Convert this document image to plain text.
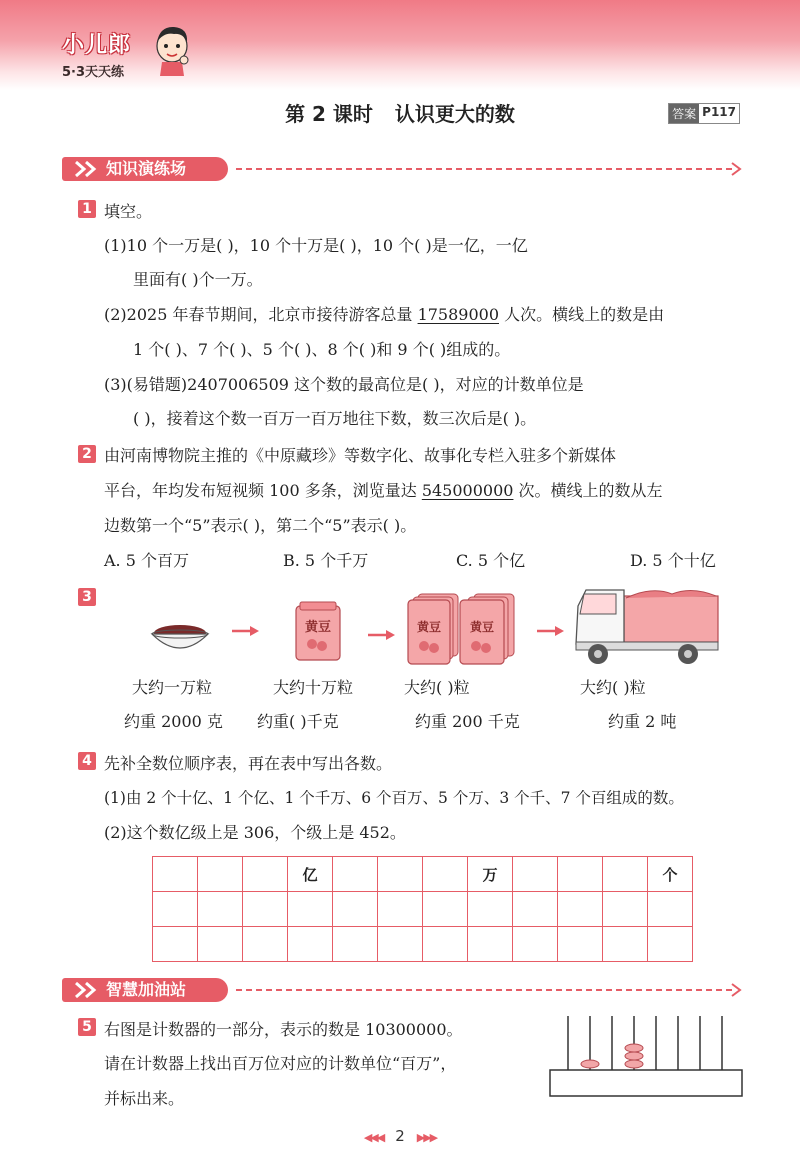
小儿郎
5·3天天练
第 2 课时 认识更大的数	答案 P117
知识演练场
1 填空。
(1)10 个一万是( )，10 个十万是( )，10 个( )是一亿，一亿
里面有( )个一万。
(2)2025 年春节期间，北京市接待游客总量 17589000 人次。横线上的数是由
1 个( )、7 个( )、5 个( )、8 个( )和 9 个( )组成的。
(3)(易错题)2407006509 这个数的最高位是( )，对应的计数单位是
( )，接着这个数一百万一百万地往下数，数三次后是( )。
2 由河南博物院主推的《中原藏珍》等数字化、故事化专栏入驻多个新媒体
平台，年均发布短视频 100 多条，浏览量达 545000000 次。横线上的数从左
边数第一个“5”表示( )，第二个“5”表示( )。
A. 5 个百万	B. 5 个千万	C. 5 个亿	D. 5 个十亿
3
黄豆	黄豆	黄豆
大约一万粒	大约十万粒	大约( )粒	大约( )粒
约重 2000 克 约重( )千克	约重 200 千克	约重 2 吨
4 先补全数位顺序表，再在表中写出各数。
(1)由 2 个十亿、1 个亿、1 个千万、6 个百万、5 个万、3 个千、7 个百组成的数。
(2)这个数亿级上是 306，个级上是 452。
			亿				万				个

智慧加油站
5 右图是计数器的一部分，表示的数是 10300000。
请在计数器上找出百万位对应的计数单位“百万”，
并标出来。
◀◀◀ 2 ▶▶▶
